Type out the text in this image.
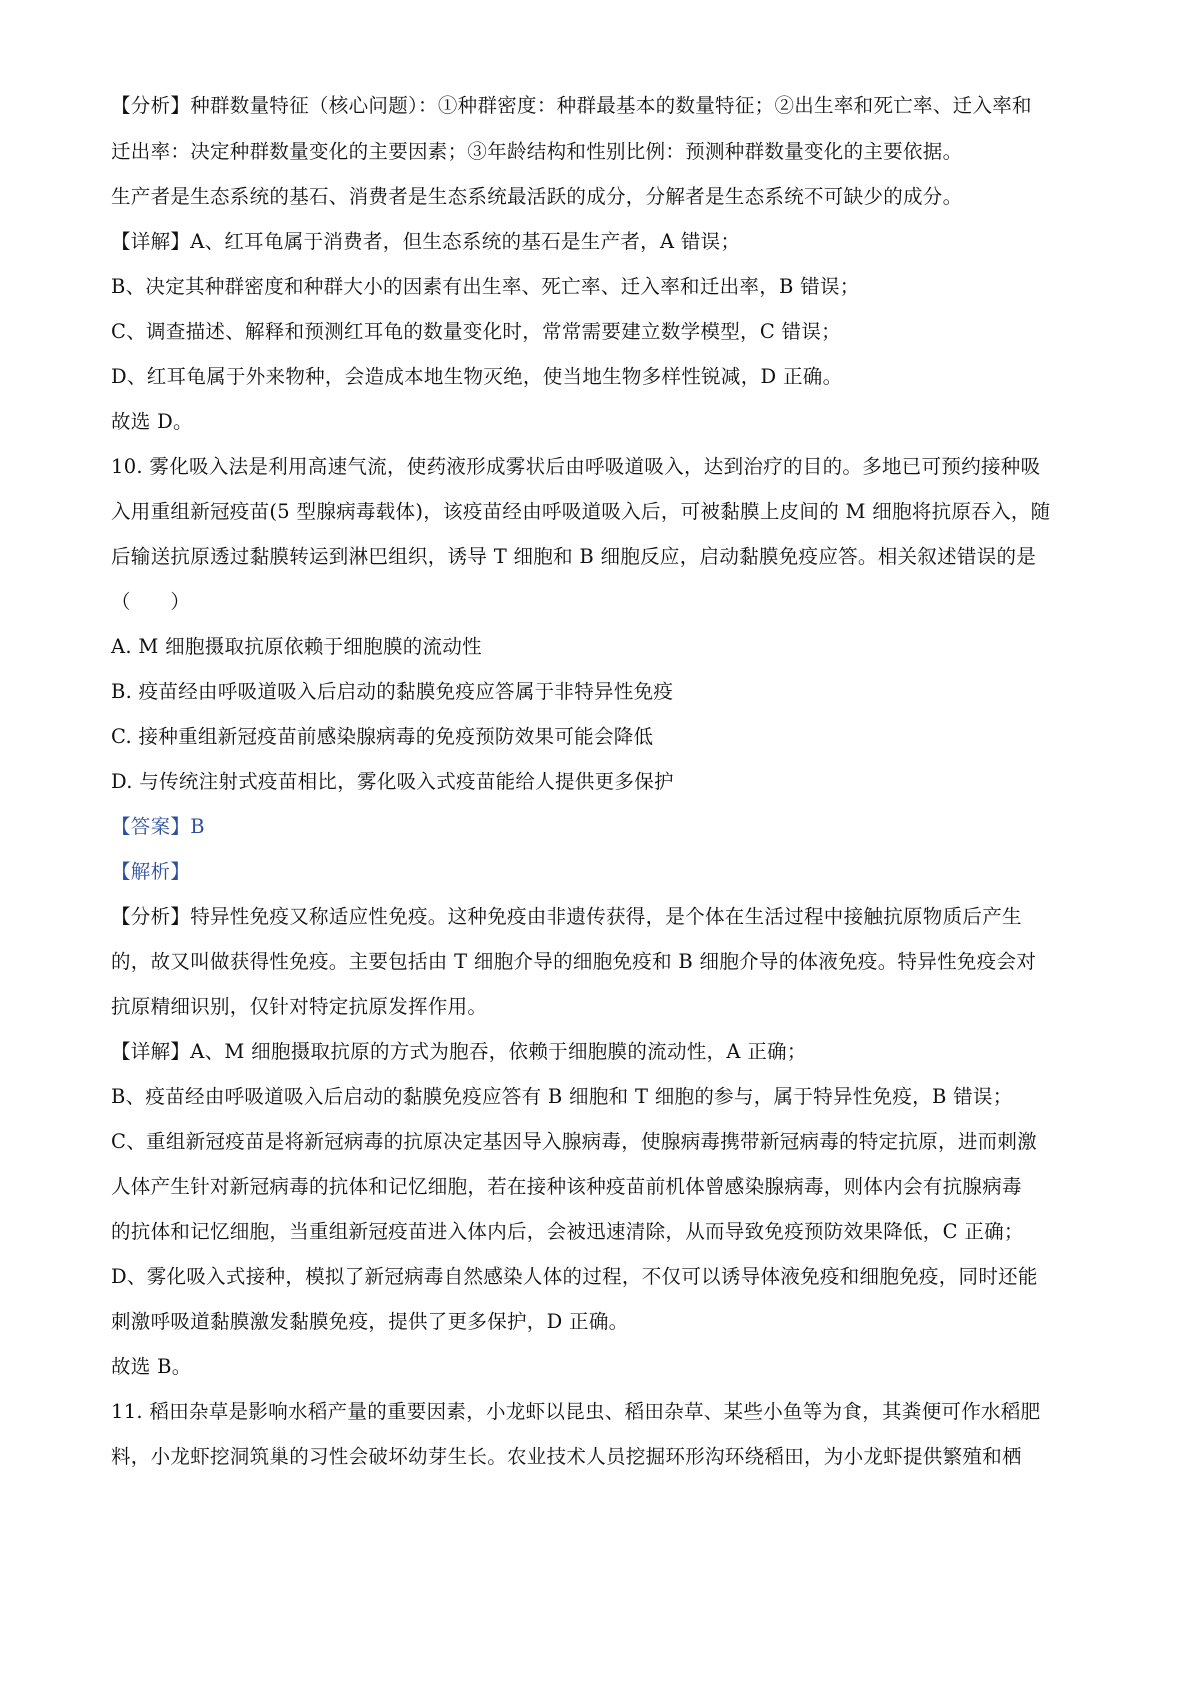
【分析】种群数量特征（核心问题）：①种群密度：种群最基本的数量特征；②出生率和死亡率、迁入率和
迁出率：决定种群数量变化的主要因素；③年龄结构和性别比例：预测种群数量变化的主要依据。
生产者是生态系统的基石、消费者是生态系统最活跃的成分，分解者是生态系统不可缺少的成分。
【详解】A、红耳龟属于消费者，但生态系统的基石是生产者，A 错误；
B、决定其种群密度和种群大小的因素有出生率、死亡率、迁入率和迁出率，B 错误；
C、调查描述、解释和预测红耳龟的数量变化时，常常需要建立数学模型，C 错误；
D、红耳龟属于外来物种，会造成本地生物灭绝，使当地生物多样性锐减，D 正确。
故选 D。
10. 雾化吸入法是利用高速气流，使药液形成雾状后由呼吸道吸入，达到治疗的目的。多地已可预约接种吸
入用重组新冠疫苗(5 型腺病毒载体)，该疫苗经由呼吸道吸入后，可被黏膜上皮间的 M 细胞将抗原吞入，随
后输送抗原透过黏膜转运到淋巴组织，诱导 T 细胞和 B 细胞反应，启动黏膜免疫应答。相关叙述错误的是
（　　）
A. M 细胞摄取抗原依赖于细胞膜的流动性
B. 疫苗经由呼吸道吸入后启动的黏膜免疫应答属于非特异性免疫
C. 接种重组新冠疫苗前感染腺病毒的免疫预防效果可能会降低
D. 与传统注射式疫苗相比，雾化吸入式疫苗能给人提供更多保护
【答案】B
【解析】
【分析】特异性免疫又称适应性免疫。这种免疫由非遗传获得，是个体在生活过程中接触抗原物质后产生
的，故又叫做获得性免疫。主要包括由 T 细胞介导的细胞免疫和 B 细胞介导的体液免疫。特异性免疫会对
抗原精细识别，仅针对特定抗原发挥作用。
【详解】A、M 细胞摄取抗原的方式为胞吞，依赖于细胞膜的流动性，A 正确；
B、疫苗经由呼吸道吸入后启动的黏膜免疫应答有 B 细胞和 T 细胞的参与，属于特异性免疫，B 错误；
C、重组新冠疫苗是将新冠病毒的抗原决定基因导入腺病毒，使腺病毒携带新冠病毒的特定抗原，进而刺激
人体产生针对新冠病毒的抗体和记忆细胞，若在接种该种疫苗前机体曾感染腺病毒，则体内会有抗腺病毒
的抗体和记忆细胞，当重组新冠疫苗进入体内后，会被迅速清除，从而导致免疫预防效果降低，C 正确；
D、雾化吸入式接种，模拟了新冠病毒自然感染人体的过程，不仅可以诱导体液免疫和细胞免疫，同时还能
刺激呼吸道黏膜激发黏膜免疫，提供了更多保护，D 正确。
故选 B。
11. 稻田杂草是影响水稻产量的重要因素，小龙虾以昆虫、稻田杂草、某些小鱼等为食，其粪便可作水稻肥
料，小龙虾挖洞筑巢的习性会破坏幼芽生长。农业技术人员挖掘环形沟环绕稻田，为小龙虾提供繁殖和栖
